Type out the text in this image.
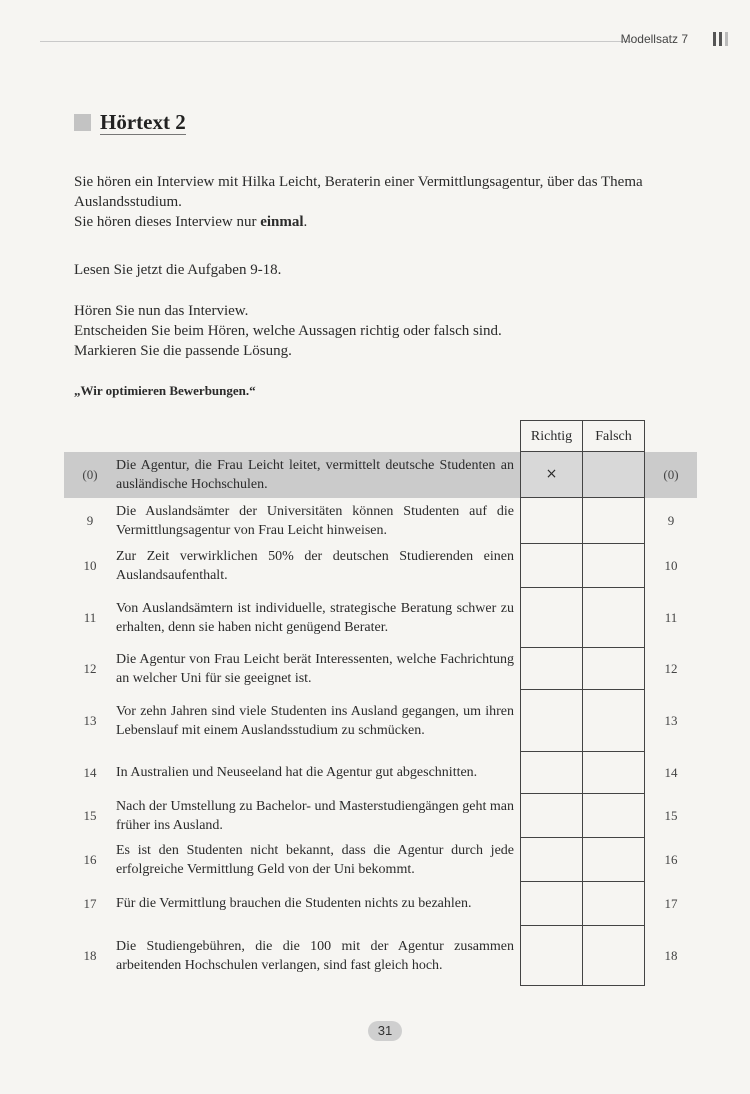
Modellsatz 7
Hörtext 2

Sie hören ein Interview mit Hilka Leicht, Beraterin einer Vermittlungsagentur, über das Thema Auslandsstudium.

Sie hören dieses Interview nur einmal.

Lesen Sie jetzt die Aufgaben 9-18.

Hören Sie nun das Interview.

Entscheiden Sie beim Hören, welche Aussagen richtig oder falsch sind.

Markieren Sie die passende Lösung.

„Wir optimieren Bewerbungen.“
		Richtig	Falsch	
(0)	Die Agentur, die Frau Leicht leitet, vermittelt deutsche Studenten an ausländische Hochschulen.	×		(0)
9	Die Auslandsämter der Universitäten können Studenten auf die Vermittlungsagentur von Frau Leicht hinweisen.			9
10	Zur Zeit verwirklichen 50% der deutschen Studierenden einen Auslandsaufenthalt.			10
11	Von Auslandsämtern ist individuelle, strategische Beratung schwer zu erhalten, denn sie haben nicht genügend Berater.			11
12	Die Agentur von Frau Leicht berät Interessenten, welche Fachrichtung an welcher Uni für sie geeignet ist.			12
13	Vor zehn Jahren sind viele Studenten ins Ausland gegangen, um ihren Lebenslauf mit einem Auslandsstudium zu schmücken.			13
14	In Australien und Neuseeland hat die Agentur gut abgeschnitten.			14
15	Nach der Umstellung zu Bachelor- und Masterstudiengängen geht man früher ins Ausland.			15
16	Es ist den Studenten nicht bekannt, dass die Agentur durch jede erfolgreiche Vermittlung Geld von der Uni bekommt.			16
17	Für die Vermittlung brauchen die Studenten nichts zu bezahlen.			17
18	Die Studiengebühren, die die 100 mit der Agentur zusammen arbeitenden Hochschulen verlangen, sind fast gleich hoch.			18
31
